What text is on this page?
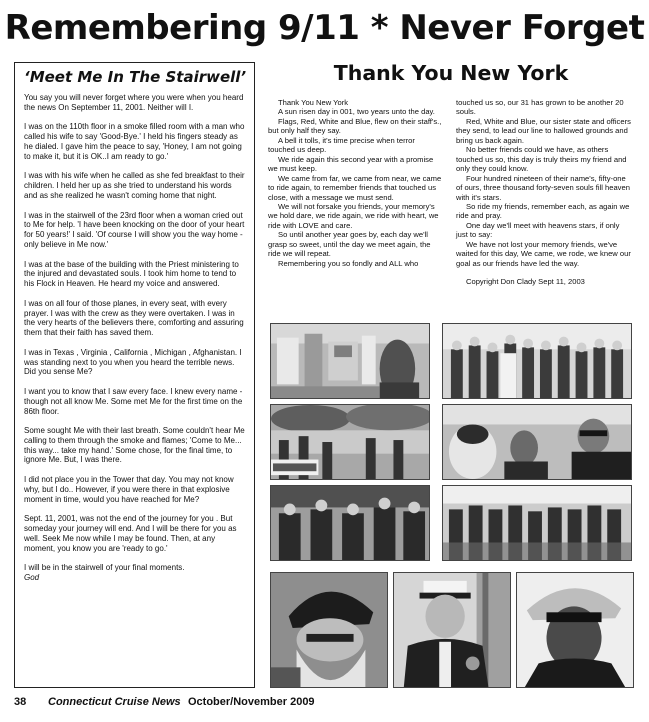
Remembering 9/11 * Never Forget
‘Meet Me In The Stairwell’

You say you will never forget where you were when you heard the news On September 11, 2001. Neither will I.

I was on the 110th floor in a smoke filled room with a man who called his wife to say 'Good-Bye.' I held his fingers steady as he dialed. I gave him the peace to say, 'Honey, I am not going to make it, but it is OK..I am ready to go.'

I was with his wife when he called as she fed breakfast to their children. I held her up as she tried to understand his words and as she realized he wasn't coming home that night.

I was in the stairwell of the 23rd floor when a woman cried out to Me for help. 'I have been knocking on the door of your heart for 50 years!' I said. 'Of course I will show you the way home - only believe in Me now.'

I was at the base of the building with the Priest ministering to the injured and devastated souls. I took him home to tend to his Flock in Heaven. He heard my voice and answered.

I was on all four of those planes, in every seat, with every prayer. I was with the crew as they were overtaken. I was in the very hearts of the believers there, comforting and assuring them that their faith has saved them.

I was in Texas , Virginia , California , Michigan , Afghanistan. I was standing next to you when you heard the terrible news. Did you sense Me?

I want you to know that I saw every face. I knew every name - though not all know Me. Some met Me for the first time on the 86th floor.

Some sought Me with their last breath. Some couldn't hear Me calling to them through the smoke and flames; 'Come to Me... this way... take my hand.' Some chose, for the final time, to ignore Me. But, I was there.

I did not place you in the Tower that day. You may not know why, but I do.. However, if you were there in that explosive moment in time, would you have reached for Me?

Sept. 11, 2001, was not the end of the journey for you . But someday your journey will end. And I will be there for you as well. Seek Me now while I may be found. Then, at any moment, you know you are 'ready to go.'

I will be in the stairwell of your final moments.
God

Thank You New York

Thank You New York

A sun risen day in 001, two years unto the day.

Flags, Red, White and Blue, flew on their staff's., but only half they say.

A bell it tolls, it's time precise when terror touched us deep.

We ride again this second year with a promise we must keep.

We came from far, we came from near, we came to ride again, to remember friends that touched us close, with a message we must send.

We will not forsake you friends, your memory's we hold dare, we ride again, we ride with heart, we ride with LOVE and care.

So until another year goes by, each day we'll grasp so sweet, until the day we meet again, the ride we will repeat.

Remembering you so fondly and ALL who

touched us so, our 31 has grown to be another 20 souls.

Red, White and Blue, our sister state and officers they send, to lead our line to hallowed grounds and bring us back again.

No better friends could we have, as others touched us so, this day is truly theirs my friend and only they could know.

Four hundred nineteen of their name's, fifty-one of ours, three thousand forty-seven souls fill heaven with it's stars.

So ride my friends, remember each, as again we ride and pray.

One day we'll meet with heavens stars, if only just to say:

We have not lost your memory friends, we've waited for this day, We came, we rode, we knew our goal as our friends have led the way.

Copyright Don Clady Sept 11, 2003

38 Connecticut Cruise News October/November 2009
